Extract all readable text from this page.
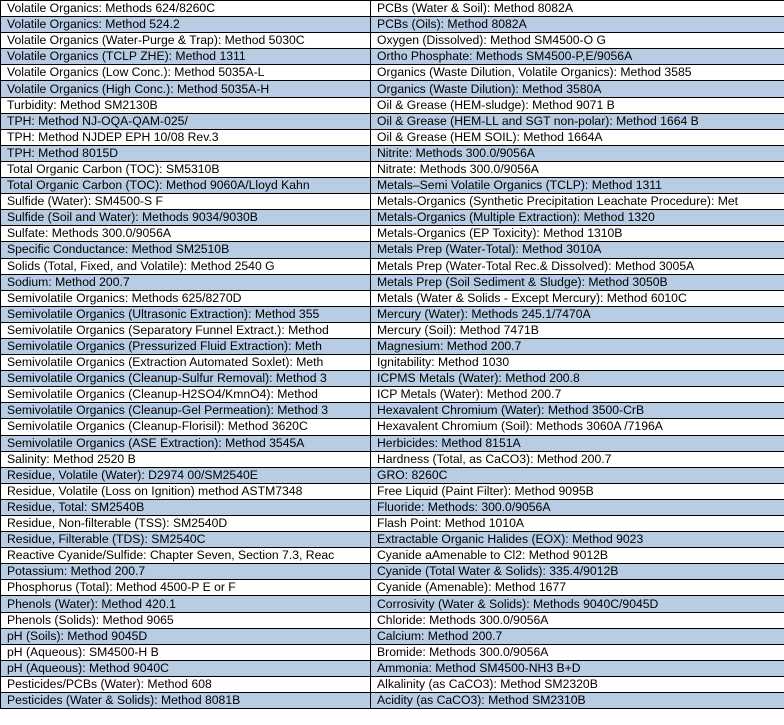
Volatile Organics: Methods 624/8260C	PCBs (Water & Soil): Method 8082A
Volatile Organics: Method 524.2	PCBs (Oils): Method 8082A
Volatile Organics (Water-Purge & Trap): Method 5030C	Oxygen (Dissolved): Method SM4500-O G
Volatile Organics (TCLP ZHE): Method 1311	Ortho Phosphate: Methods SM4500-P,E/9056A
Volatile Organics (Low Conc.): Method 5035A-L	Organics (Waste Dilution, Volatile Organics): Method 3585
Volatile Organics (High Conc.): Method 5035A-H	Organics (Waste Dilution): Method 3580A
Turbidity: Method SM2130B	Oil & Grease (HEM-sludge): Method 9071 B
TPH: Method NJ-OQA-QAM-025/	Oil & Grease (HEM-LL and SGT non-polar): Method 1664 B
TPH: Method NJDEP EPH 10/08 Rev.3	Oil & Grease (HEM SOIL): Method 1664A
TPH: Method 8015D	Nitrite: Methods 300.0/9056A
Total Organic Carbon (TOC): SM5310B	Nitrate: Methods 300.0/9056A
Total Organic Carbon (TOC): Method 9060A/Lloyd Kahn	Metals–Semi Volatile Organics (TCLP): Method 1311
Sulfide (Water): SM4500-S F	Metals-Organics (Synthetic Precipitation Leachate Procedure): Met
Sulfide (Soil and Water): Methods 9034/9030B	Metals-Organics (Multiple Extraction): Method 1320
Sulfate: Methods 300.0/9056A	Metals-Organics (EP Toxicity): Method 1310B
Specific Conductance: Method SM2510B	Metals Prep (Water-Total): Method 3010A
Solids (Total, Fixed, and Volatile): Method 2540 G	Metals Prep (Water-Total Rec.& Dissolved): Method 3005A
Sodium: Method 200.7	Metals Prep (Soil Sediment & Sludge): Method 3050B
Semivolatile Organics: Methods 625/8270D	Metals (Water & Solids - Except Mercury): Method 6010C
Semivolatile Organics (Ultrasonic Extraction): Method 355	Mercury (Water): Methods 245.1/7470A
Semivolatile Organics (Separatory Funnel Extract.): Method	Mercury (Soil): Method 7471B
Semivolatile Organics (Pressurized Fluid Extraction): Meth	Magnesium: Method 200.7
Semivolatile Organics (Extraction Automated Soxlet): Meth	Ignitability: Method 1030
Semivolatile Organics (Cleanup-Sulfur Removal): Method 3	ICPMS Metals (Water): Method 200.8
Semivolatile Organics (Cleanup-H2SO4/KmnO4): Method	ICP Metals (Water): Method 200.7
Semivolatile Organics (Cleanup-Gel Permeation): Method 3	Hexavalent Chromium (Water): Method 3500-CrB
Semivolatile Organics (Cleanup-Florisil): Method 3620C	Hexavalent Chromium (Soil): Methods 3060A /7196A
Semivolatile Organics (ASE Extraction): Method 3545A	Herbicides: Method 8151A
Salinity: Method 2520 B	Hardness (Total, as CaCO3): Method 200.7
Residue, Volatile (Water): D2974 00/SM2540E	GRO: 8260C
Residue, Volatile (Loss on Ignition) method ASTM7348	Free Liquid (Paint Filter): Method 9095B
Residue, Total: SM2540B	Fluoride: Methods: 300.0/9056A
Residue, Non-filterable (TSS): SM2540D	Flash Point: Method 1010A
Residue, Filterable (TDS): SM2540C	Extractable Organic Halides (EOX): Method 9023
Reactive Cyanide/Sulfide: Chapter Seven, Section 7.3, Reac	Cyanide aAmenable to Cl2: Method 9012B
Potassium: Method 200.7	Cyanide (Total Water & Solids): 335.4/9012B
Phosphorus (Total): Method 4500-P E or F	Cyanide (Amenable): Method 1677
Phenols (Water): Method 420.1	Corrosivity (Water & Solids): Methods 9040C/9045D
Phenols (Solids): Method 9065	Chloride: Methods 300.0/9056A
pH (Soils): Method 9045D	Calcium: Method 200.7
pH (Aqueous): SM4500-H B	Bromide: Methods 300.0/9056A
pH (Aqueous): Method 9040C	Ammonia: Method SM4500-NH3 B+D
Pesticides/PCBs (Water): Method 608	Alkalinity (as CaCO3): Method SM2320B
Pesticides (Water & Solids): Method 8081B	Acidity (as CaCO3): Method SM2310B
